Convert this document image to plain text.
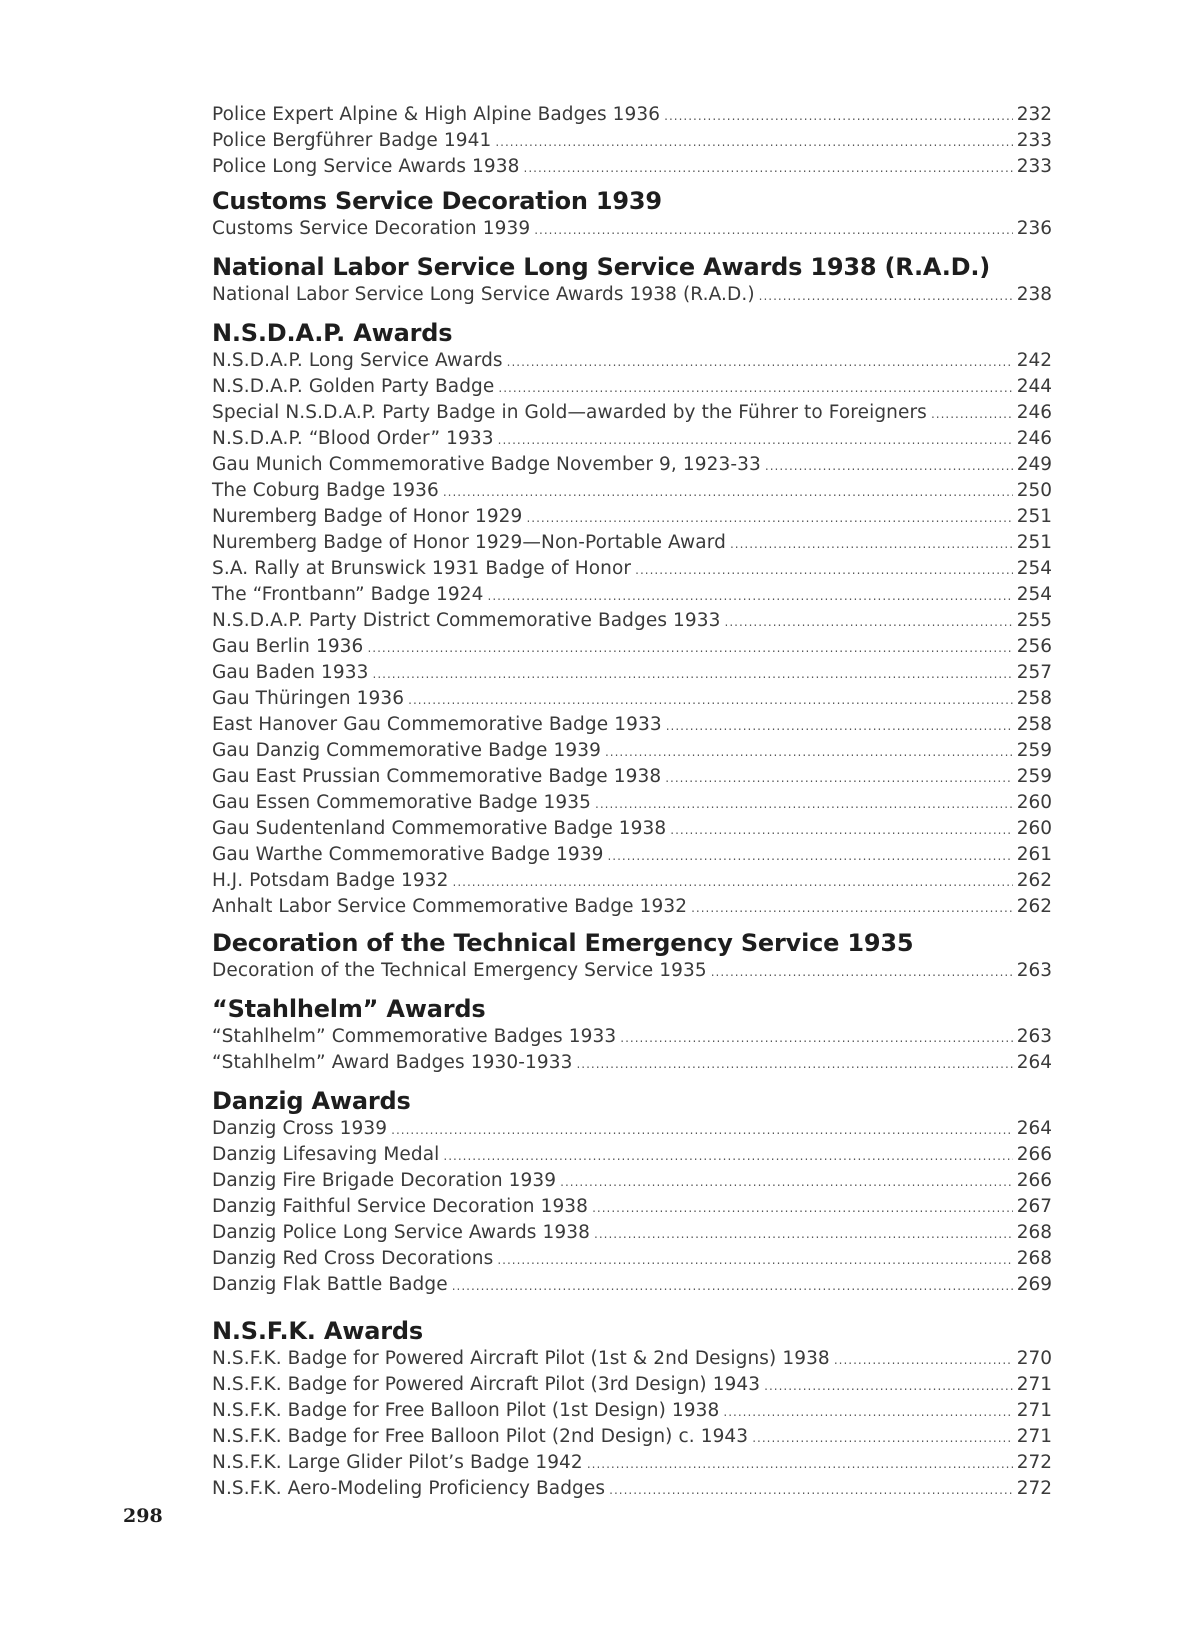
Police Expert Alpine & High Alpine Badges 1936 .....	232
Police Bergführer Badge 1941 .....	233
Police Long Service Awards 1938 .....	233
Customs Service Decoration 1939
Customs Service Decoration 1939 .....	236
National Labor Service Long Service Awards 1938 (R.A.D.)
National Labor Service Long Service Awards 1938 (R.A.D.) .....	238
N.S.D.A.P. Awards
N.S.D.A.P. Long Service Awards .....	242
N.S.D.A.P. Golden Party Badge .....	244
Special N.S.D.A.P. Party Badge in Gold—awarded by the Führer to Foreigners .....	246
N.S.D.A.P. “Blood Order” 1933 .....	246
Gau Munich Commemorative Badge November 9, 1923-33 .....	249
The Coburg Badge 1936 .....	250
Nuremberg Badge of Honor 1929 .....	251
Nuremberg Badge of Honor 1929—Non-Portable Award .....	251
S.A. Rally at Brunswick 1931 Badge of Honor .....	254
The “Frontbann” Badge 1924 .....	254
N.S.D.A.P. Party District Commemorative Badges 1933 .....	255
Gau Berlin 1936 .....	256
Gau Baden 1933 .....	257
Gau Thüringen 1936 .....	258
East Hanover Gau Commemorative Badge 1933 .....	258
Gau Danzig Commemorative Badge 1939 .....	259
Gau East Prussian Commemorative Badge 1938 .....	259
Gau Essen Commemorative Badge 1935 .....	260
Gau Sudentenland Commemorative Badge 1938 .....	260
Gau Warthe Commemorative Badge 1939 .....	261
H.J. Potsdam Badge 1932 .....	262
Anhalt Labor Service Commemorative Badge 1932 .....	262
Decoration of the Technical Emergency Service 1935
Decoration of the Technical Emergency Service 1935 .....	263
“Stahlhelm” Awards
“Stahlhelm” Commemorative Badges 1933 .....	263
“Stahlhelm” Award Badges 1930-1933 .....	264
Danzig Awards
Danzig Cross 1939 .....	264
Danzig Lifesaving Medal .....	266
Danzig Fire Brigade Decoration 1939 .....	266
Danzig Faithful Service Decoration 1938 .....	267
Danzig Police Long Service Awards 1938 .....	268
Danzig Red Cross Decorations .....	268
Danzig Flak Battle Badge .....	269
N.S.F.K. Awards
N.S.F.K. Badge for Powered Aircraft Pilot (1st & 2nd Designs) 1938 .....	270
N.S.F.K. Badge for Powered Aircraft Pilot (3rd Design) 1943 .....	271
N.S.F.K. Badge for Free Balloon Pilot (1st Design) 1938 .....	271
N.S.F.K. Badge for Free Balloon Pilot (2nd Design) c. 1943 .....	271
N.S.F.K. Large Glider Pilot’s Badge 1942 .....	272
N.S.F.K. Aero-Modeling Proficiency Badges .....	272
298
